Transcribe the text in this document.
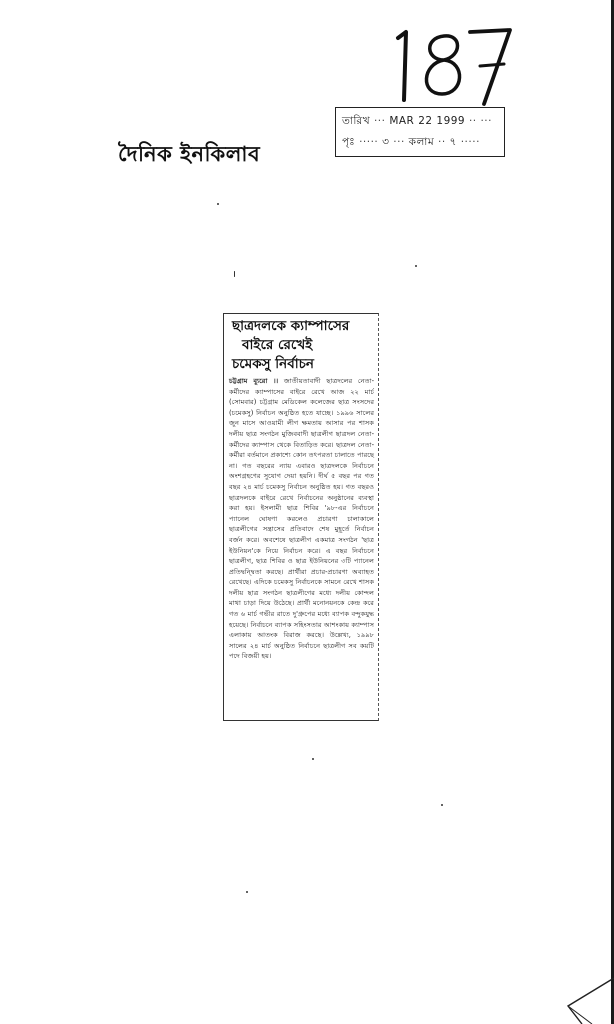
তারিখ ··· MAR 22 1999 ·· ···
পৃঃ ····· ৩ ··· কলাম ·· ৭ ·····
দৈনিক ইনকিলাব
ছাত্রদলকে ক্যাম্পাসের
বাইরে রেখেই
চমেকসু নির্বাচন
চট্টগ্রাম ব্যুরো ।। জাতীয়তাবাদী ছাত্রদলের নেতা-কর্মীদের ক্যাম্পাসের বাইরে রেখে আজ ২২ মার্চ (সোমবার) চট্টগ্রাম মেডিকেল কলেজের ছাত্র সংসদের (চমেকসু) নির্বাচন অনুষ্ঠিত হতে যাচ্ছে। ১৯৯৬ সালের জুন মাসে আওয়ামী লীগ ক্ষমতায় আসার পর শাসক দলীয় ছাত্র সংগঠন মুজিববাদী ছাত্রলীগ ছাত্রদল নেতা-কর্মীদের ক্যাম্পাস থেকে বিতাড়িত করে। ছাত্রদল নেতা-কর্মীরা বর্তমানে প্রকাশ্যে কোন তৎপরতা চালাতে পারছে না। গত বছরের ন্যায় এবারও ছাত্রদলকে নির্বাচনে অংশগ্রহণের সুযোগ দেয়া হয়নি। দীর্ঘ ৫ বছর পর গত বছর ২৪ মার্চ চমেকসু নির্বাচন অনুষ্ঠিত হয়। গত বছরও ছাত্রদলকে বাইরে রেখে নির্বাচনের অনুষ্ঠানের ব্যবস্থা করা হয়। ইসলামী ছাত্র শিবির '৯৮-এর নির্বাচনে প্যানেল ঘোষণা করলেও প্রচারণা চালাকালে ছাত্রলীগের সন্ত্রাসের প্রতিবাদে শেষ মুহূর্তে নির্বাচন বর্জন করে। অবশেষে ছাত্রলীগ একমাত্র সংগঠন 'ছাত্র ইউনিয়ন'কে নিয়ে নির্বাচন করে। এ বছর নির্বাচনে ছাত্রলীগ, ছাত্র শিবির ও ছাত্র ইউনিয়নের ৩টি প্যানেল প্রতিদ্বন্দ্বিতা করছে। প্রার্থীরা প্রচার-প্রচারণা অব্যাহত রেখেছে। এদিকে চমেকসু নির্বাচনকে সামনে রেখে শাসক দলীয় ছাত্র সংগঠন ছাত্রলীগের মধ্যে দলীয় কোন্দল মাথা চাড়া দিয়ে উঠেছে। প্রার্থী মনোনয়নকে কেন্দ্র করে গত ৬ মার্চ গভীর রাতে দু'গ্রুপের মধ্যে ব্যাপক বন্দুকযুদ্ধ হয়েছে। নির্বাচনে ব্যাপক সহিংসতার আশংকায় ক্যাম্পাস এলাকায় আতংক বিরাজ করছে। উল্লেখ্য, ১৯৯৮ সালের ২৪ মার্চ অনুষ্ঠিত নির্বাচনে ছাত্রলীগ সব কয়টি পদে বিজয়ী হয়।
